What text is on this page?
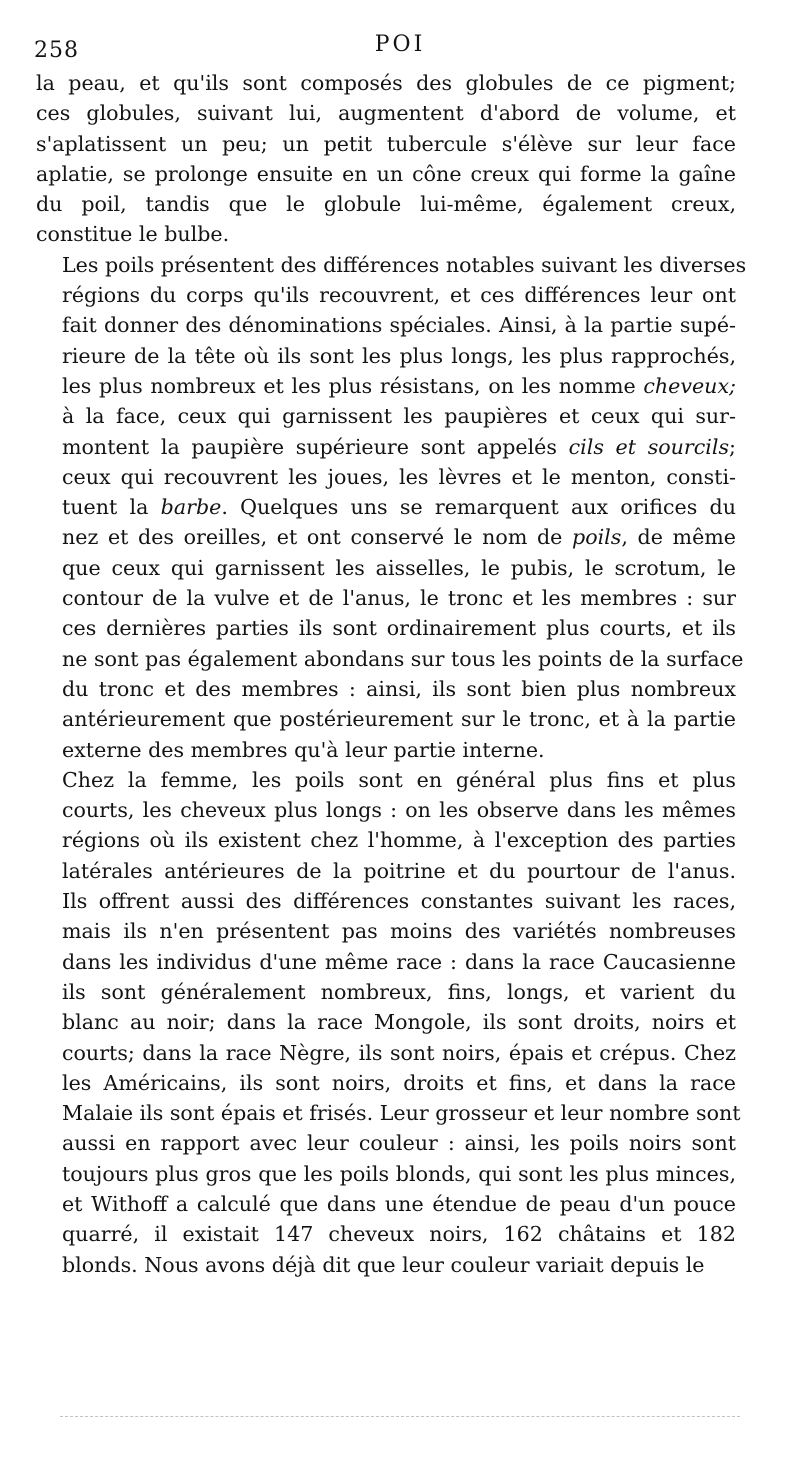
258	POI

la peau, et qu'ils sont composés des globules de ce pigment;
ces globules, suivant lui, augmentent d'abord de volume, et
s'aplatissent un peu; un petit tubercule s'élève sur leur face
aplatie, se prolonge ensuite en un cône creux qui forme la gaîne
du poil, tandis que le globule lui-même, également creux,
constitue le bulbe.

Les poils présentent des différences notables suivant les diverses
régions du corps qu'ils recouvrent, et ces différences leur ont
fait donner des dénominations spéciales. Ainsi, à la partie supé-
rieure de la tête où ils sont les plus longs, les plus rapprochés,
les plus nombreux et les plus résistans, on les nomme cheveux;
à la face, ceux qui garnissent les paupières et ceux qui sur-
montent la paupière supérieure sont appelés cils et sourcils;
ceux qui recouvrent les joues, les lèvres et le menton, consti-
tuent la barbe. Quelques uns se remarquent aux orifices du
nez et des oreilles, et ont conservé le nom de poils, de même
que ceux qui garnissent les aisselles, le pubis, le scrotum, le
contour de la vulve et de l'anus, le tronc et les membres : sur
ces dernières parties ils sont ordinairement plus courts, et ils
ne sont pas également abondans sur tous les points de la surface
du tronc et des membres : ainsi, ils sont bien plus nombreux
antérieurement que postérieurement sur le tronc, et à la partie
externe des membres qu'à leur partie interne.

Chez la femme, les poils sont en général plus fins et plus
courts, les cheveux plus longs : on les observe dans les mêmes
régions où ils existent chez l'homme, à l'exception des parties
latérales antérieures de la poitrine et du pourtour de l'anus.
Ils offrent aussi des différences constantes suivant les races,
mais ils n'en présentent pas moins des variétés nombreuses
dans les individus d'une même race : dans la race Caucasienne
ils sont généralement nombreux, fins, longs, et varient du
blanc au noir; dans la race Mongole, ils sont droits, noirs et
courts; dans la race Nègre, ils sont noirs, épais et crépus. Chez
les Américains, ils sont noirs, droits et fins, et dans la race
Malaie ils sont épais et frisés. Leur grosseur et leur nombre sont
aussi en rapport avec leur couleur : ainsi, les poils noirs sont
toujours plus gros que les poils blonds, qui sont les plus minces,
et Withoff a calculé que dans une étendue de peau d'un pouce
quarré, il existait 147 cheveux noirs, 162 châtains et 182
blonds. Nous avons déjà dit que leur couleur variait depuis le
